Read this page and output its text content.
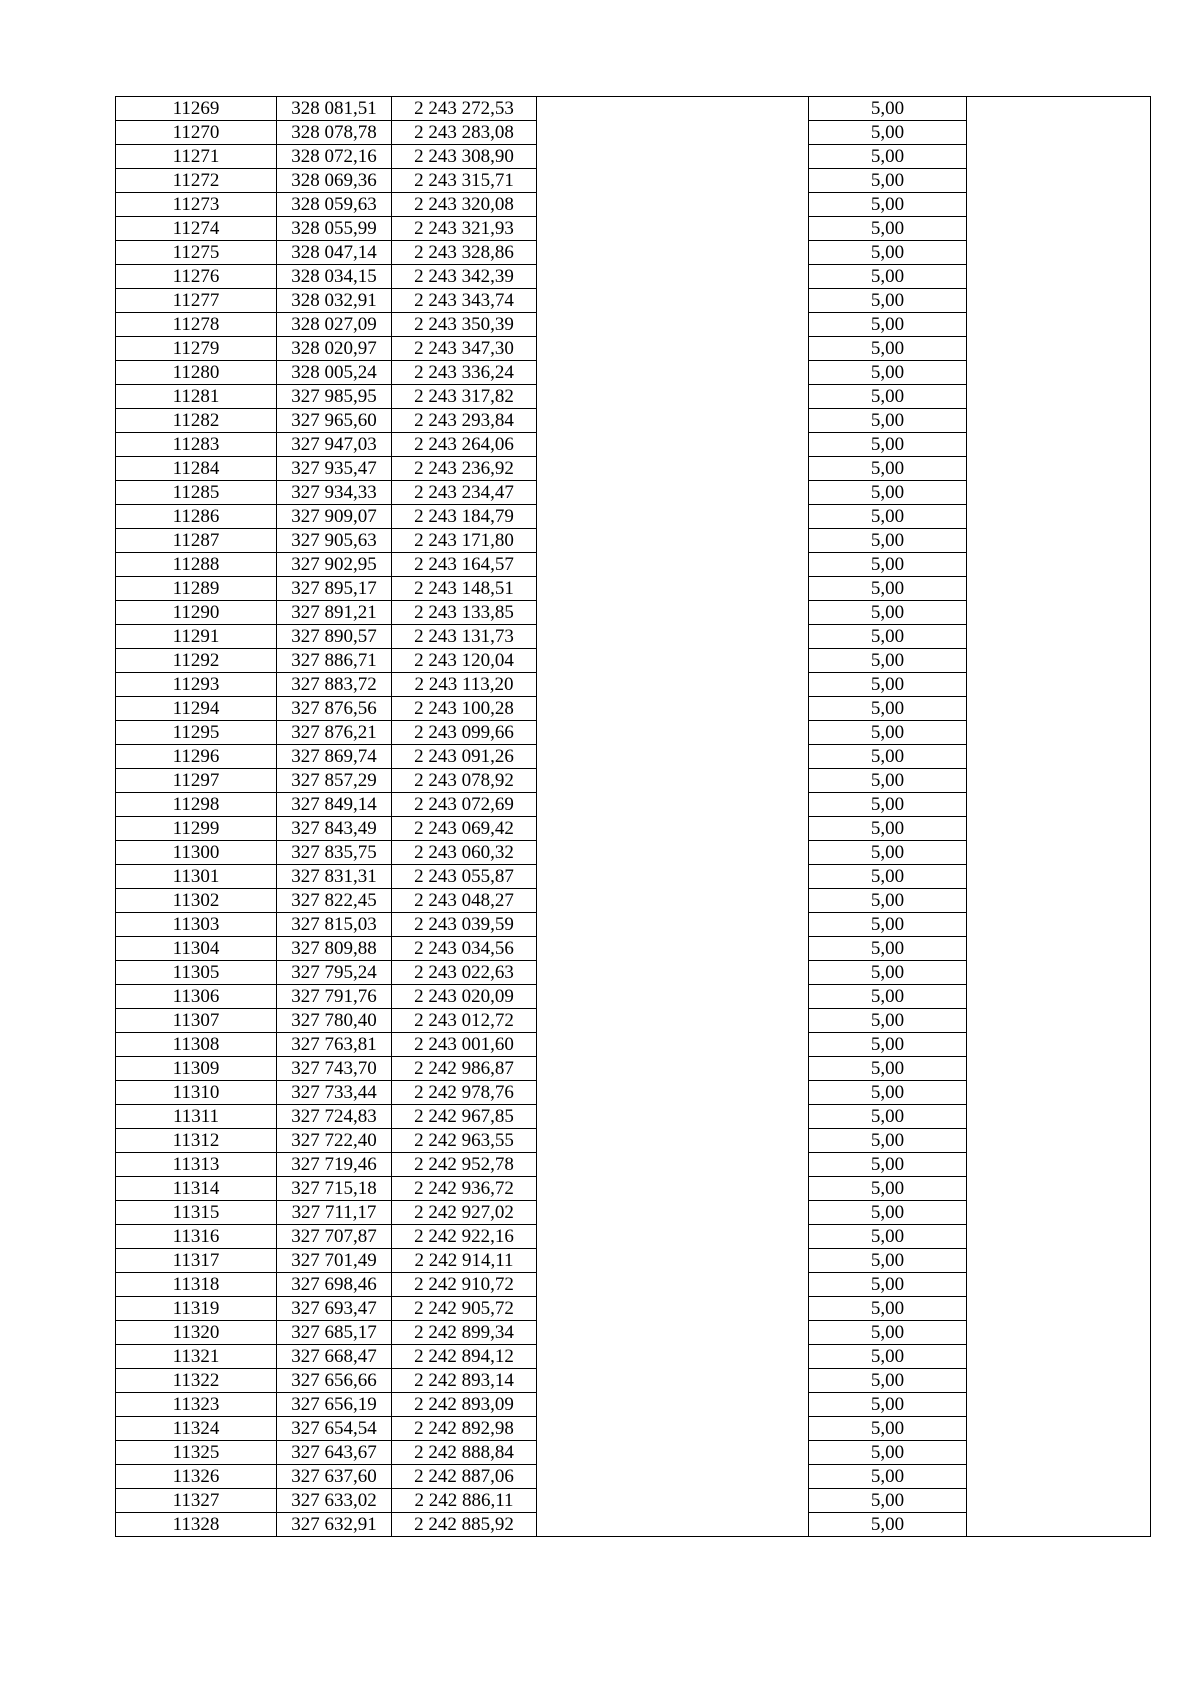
11269	328 081,51	2 243 272,53		5,00	
11270	328 078,78	2 243 283,08		5,00	
11271	328 072,16	2 243 308,90		5,00	
11272	328 069,36	2 243 315,71		5,00	
11273	328 059,63	2 243 320,08		5,00	
11274	328 055,99	2 243 321,93		5,00	
11275	328 047,14	2 243 328,86		5,00	
11276	328 034,15	2 243 342,39		5,00	
11277	328 032,91	2 243 343,74		5,00	
11278	328 027,09	2 243 350,39		5,00	
11279	328 020,97	2 243 347,30		5,00	
11280	328 005,24	2 243 336,24		5,00	
11281	327 985,95	2 243 317,82		5,00	
11282	327 965,60	2 243 293,84		5,00	
11283	327 947,03	2 243 264,06		5,00	
11284	327 935,47	2 243 236,92		5,00	
11285	327 934,33	2 243 234,47		5,00	
11286	327 909,07	2 243 184,79		5,00	
11287	327 905,63	2 243 171,80		5,00	
11288	327 902,95	2 243 164,57		5,00	
11289	327 895,17	2 243 148,51		5,00	
11290	327 891,21	2 243 133,85		5,00	
11291	327 890,57	2 243 131,73		5,00	
11292	327 886,71	2 243 120,04		5,00	
11293	327 883,72	2 243 113,20		5,00	
11294	327 876,56	2 243 100,28		5,00	
11295	327 876,21	2 243 099,66		5,00	
11296	327 869,74	2 243 091,26		5,00	
11297	327 857,29	2 243 078,92		5,00	
11298	327 849,14	2 243 072,69		5,00	
11299	327 843,49	2 243 069,42		5,00	
11300	327 835,75	2 243 060,32		5,00	
11301	327 831,31	2 243 055,87		5,00	
11302	327 822,45	2 243 048,27		5,00	
11303	327 815,03	2 243 039,59		5,00	
11304	327 809,88	2 243 034,56		5,00	
11305	327 795,24	2 243 022,63		5,00	
11306	327 791,76	2 243 020,09		5,00	
11307	327 780,40	2 243 012,72		5,00	
11308	327 763,81	2 243 001,60		5,00	
11309	327 743,70	2 242 986,87		5,00	
11310	327 733,44	2 242 978,76		5,00	
11311	327 724,83	2 242 967,85		5,00	
11312	327 722,40	2 242 963,55		5,00	
11313	327 719,46	2 242 952,78		5,00	
11314	327 715,18	2 242 936,72		5,00	
11315	327 711,17	2 242 927,02		5,00	
11316	327 707,87	2 242 922,16		5,00	
11317	327 701,49	2 242 914,11		5,00	
11318	327 698,46	2 242 910,72		5,00	
11319	327 693,47	2 242 905,72		5,00	
11320	327 685,17	2 242 899,34		5,00	
11321	327 668,47	2 242 894,12		5,00	
11322	327 656,66	2 242 893,14		5,00	
11323	327 656,19	2 242 893,09		5,00	
11324	327 654,54	2 242 892,98		5,00	
11325	327 643,67	2 242 888,84		5,00	
11326	327 637,60	2 242 887,06		5,00	
11327	327 633,02	2 242 886,11		5,00	
11328	327 632,91	2 242 885,92		5,00	
